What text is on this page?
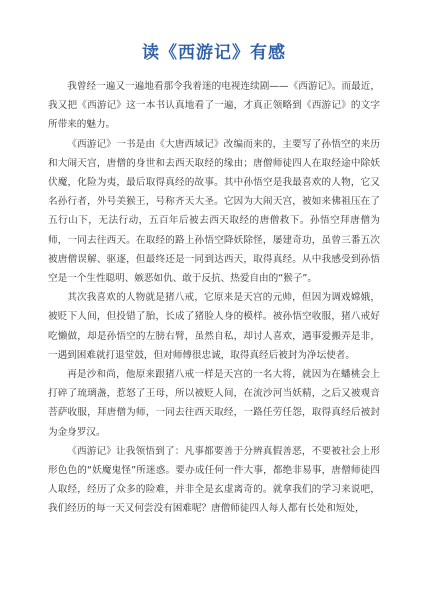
读《西游记》有感

我曾经一遍又一遍地看那令我着迷的电视连续剧——《西游记》。而最近，我又把《西游记》这一本书认真地看了一遍，才真正领略到《西游记》的文字所带来的魅力。

《西游记》一书是由《大唐西域记》改编而来的，主要写了孙悟空的来历和大闹天宫，唐僧的身世和去西天取经的缘由；唐僧师徒四人在取经途中除妖伏魔，化险为夷，最后取得真经的故事。其中孙悟空是我最喜欢的人物，它又名孙行者，外号美猴王，号称齐天大圣。它因为大闹天宫，被如来佛祖压在了五行山下，无法行动，五百年后被去西天取经的唐僧救下。孙悟空拜唐僧为师，一同去往西天。在取经的路上孙悟空降妖除怪，屡建奇功，虽曾三番五次被唐僧误解、驱逐，但最终还是一同到达西天，取得真经。从中我感受到孙悟空是一个生性聪明、嫉恶如仇、敢于反抗、热爱自由的“猴子”。

其次我喜欢的人物就是猪八戒，它原来是天宫的元帅，但因为调戏嫦娥，被贬下人间，但投错了胎，长成了猪脸人身的模样。被孙悟空收服，猪八戒好吃懒做，却是孙悟空的左膀右臂，虽然自私，却讨人喜欢，遇事爱搬弄是非，一遇到困难就打退堂鼓，但对师傅很忠诚，取得真经后被封为净坛使者。

再是沙和尚，他原来跟猪八戒一样是天宫的一名大将，就因为在蟠桃会上打碎了琉璃盏，惹怒了王母，所以被贬人间，在流沙河当妖精，之后又被观音菩萨收服，拜唐僧为师，一同去往西天取经，一路任劳任怨，取得真经后被封为金身罗汉。

《西游记》让我领悟到了：凡事都要善于分辨真假善恶，不要被社会上形形色色的“妖魔鬼怪”所迷惑。要办成任何一件大事，都绝非易事，唐僧师徒四人取经，经历了众多的险难，并非全是玄虚离奇的。就拿我们的学习来说吧，我们经历的每一天又何尝没有困难呢？唐僧师徒四人每人都有长处和短处，
